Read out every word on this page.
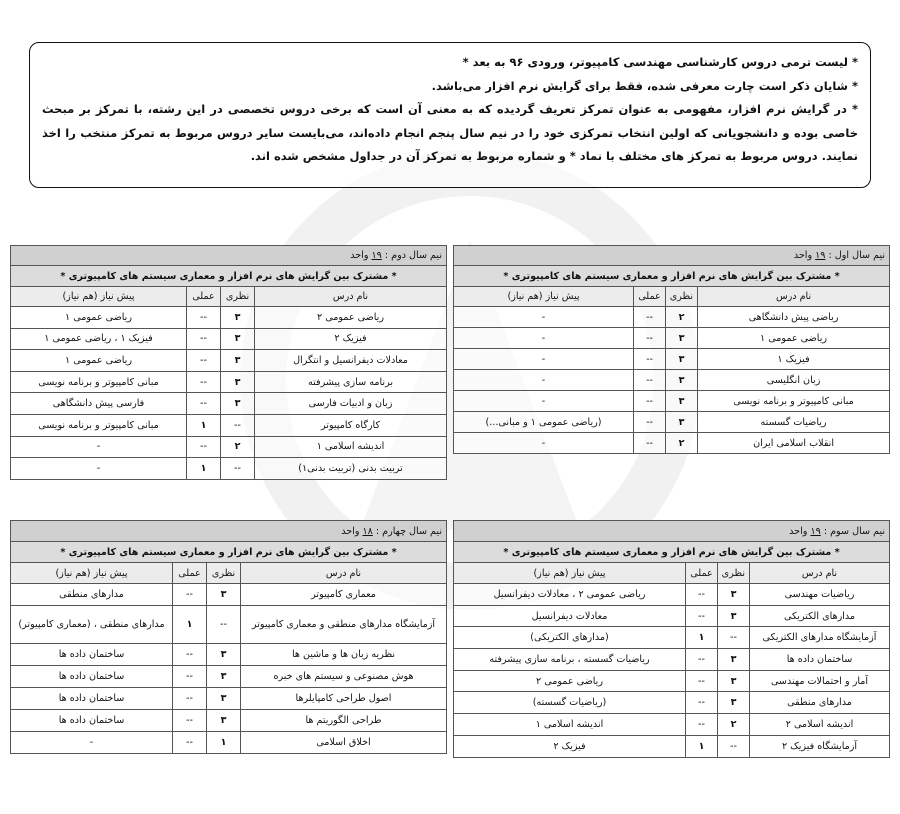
* لیست ترمی دروس کارشناسی مهندسی کامپیوتر، ورودی ۹۶ به بعد *

* شایان ذکر است چارت معرفی شده، فقط برای گرایش نرم افزار می‌باشد.

* در گرایش نرم افزار، مفهومی به عنوان تمرکز تعریف گردیده که به معنی آن است که برخی دروس تخصصی در این رشته، با تمرکز بر مبحث خاصی بوده و دانشجویانی که اولین انتخاب تمرکزی خود را در نیم سال پنجم انجام داده‌اند، می‌بایست سایر دروس مربوط به تمرکز منتخب را اخذ نمایند. دروس مربوط به تمرکز های مختلف با نماد * و شماره مربوط به تمرکز آن در جداول مشخص شده اند.

نیم سال اول : ۱۹ واحد			
* مشترک بین گرایش های نرم افزار و معماری سیستم های کامپیوتری *			
نام درس	نظری	عملی	پیش نیاز (هم نیاز)
ریاضی پیش دانشگاهی	۲	--	-
ریاضی عمومی ۱	۳	--	-
فیزیک ۱	۳	--	-
زبان انگلیسی	۳	--	-
مبانی کامپیوتر و برنامه نویسی	۳	--	-
ریاضیات گسسته	۳	--	(ریاضی عمومی ۱ و مبانی...)
انقلاب اسلامی ایران	۲	--	-
نیم سال دوم : ۱۹ واحد			
* مشترک بین گرایش های نرم افزار و معماری سیستم های کامپیوتری *			
نام درس	نظری	عملی	پیش نیاز (هم نیاز)
ریاضی عمومی ۲	۳	--	ریاضی عمومی ۱
فیزیک ۲	۳	--	فیزیک ۱ ، ریاضی عمومی ۱
معادلات دیفرانسیل و انتگرال	۳	--	ریاضی عمومی ۱
برنامه سازی پیشرفته	۳	--	مبانی کامپیوتر و برنامه نویسی
زبان و ادبیات فارسی	۳	--	فارسی پیش دانشگاهی
کارگاه کامپیوتر	--	۱	مبانی کامپیوتر و برنامه نویسی
اندیشه اسلامی ۱	۲	--	-
تربیت بدنی (تربیت بدنی۱)	--	۱	-
نیم سال سوم : ۱۹ واحد			
* مشترک بین گرایش های نرم افزار و معماری سیستم های کامپیوتری *			
نام درس	نظری	عملی	پیش نیاز (هم نیاز)
ریاضیات مهندسی	۳	--	ریاضی عمومی ۲ ، معادلات دیفرانسیل
مدارهای الکتریکی	۳	--	معادلات دیفرانسیل
آزمایشگاه مدارهای الکتریکی	--	۱	(مدارهای الکتریکی)
ساختمان داده ها	۳	--	ریاضیات گسسته ، برنامه سازی پیشرفته
آمار و احتمالات مهندسی	۳	--	ریاضی عمومی ۲
مدارهای منطقی	۳	--	(ریاضیات گسسته)
اندیشه اسلامی ۲	۲	--	اندیشه اسلامی ۱
آزمایشگاه فیزیک ۲	--	۱	فیزیک ۲
نیم سال چهارم : ۱۸ واحد			
* مشترک بین گرایش های نرم افزار و معماری سیستم های کامپیوتری *			
نام درس	نظری	عملی	پیش نیاز (هم نیاز)
معماری کامپیوتر	۳	--	مدارهای منطقی
آزمایشگاه مدارهای منطقی و معماری کامپیوتر	--	۱	مدارهای منطقی ، (معماری کامپیوتر)
نظریه زبان ها و ماشین ها	۳	--	ساختمان داده ها
هوش مصنوعی و سیستم های خبره	۳	--	ساختمان داده ها
اصول طراحی کامپایلرها	۳	--	ساختمان داده ها
طراحی الگوریتم ها	۳	--	ساختمان داده ها
اخلاق اسلامی	۱	--	-
